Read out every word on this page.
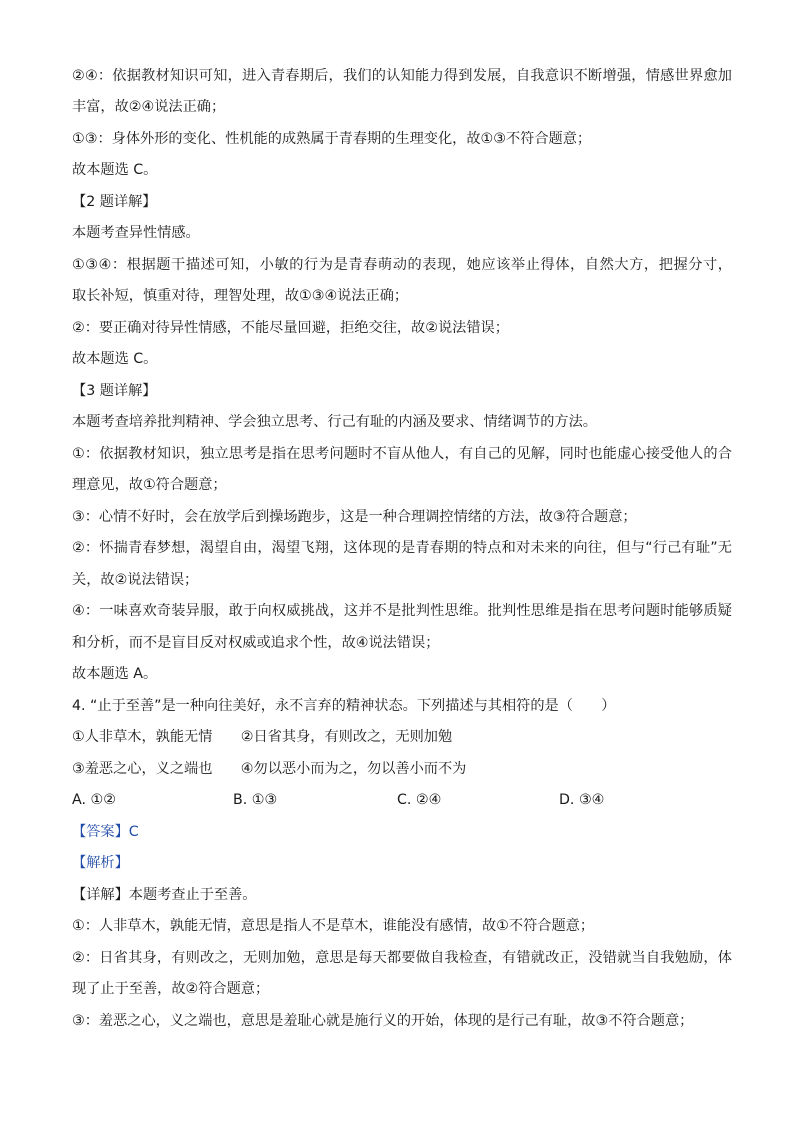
②④：依据教材知识可知，进入青春期后，我们的认知能力得到发展，自我意识不断增强，情感世界愈加
丰富，故②④说法正确；
①③：身体外形的变化、性机能的成熟属于青春期的生理变化，故①③不符合题意；
故本题选 C。
【2 题详解】
本题考查异性情感。
①③④：根据题干描述可知，小敏的行为是青春萌动的表现，她应该举止得体，自然大方，把握分寸，
取长补短，慎重对待，理智处理，故①③④说法正确；
②：要正确对待异性情感，不能尽量回避，拒绝交往，故②说法错误；
故本题选 C。
【3 题详解】
本题考查培养批判精神、学会独立思考、行己有耻的内涵及要求、情绪调节的方法。
①：依据教材知识，独立思考是指在思考问题时不盲从他人，有自己的见解，同时也能虚心接受他人的合
理意见，故①符合题意；
③：心情不好时，会在放学后到操场跑步，这是一种合理调控情绪的方法，故③符合题意；
②：怀揣青春梦想，渴望自由，渴望飞翔，这体现的是青春期的特点和对未来的向往，但与“行己有耻”无
关，故②说法错误；
④：一味喜欢奇装异服，敢于向权威挑战，这并不是批判性思维。批判性思维是指在思考问题时能够质疑
和分析，而不是盲目反对权威或追求个性，故④说法错误；
故本题选 A。
4. “止于至善”是一种向往美好，永不言弃的精神状态。下列描述与其相符的是（　　）
①人非草木，孰能无情　　②日省其身，有则改之，无则加勉
③羞恶之心，义之端也　　④勿以恶小而为之，勿以善小而不为
A. ①②	B. ①③	C. ②④	D. ③④
【答案】C
【解析】
【详解】本题考查止于至善。
①：人非草木，孰能无情，意思是指人不是草木，谁能没有感情，故①不符合题意；
②：日省其身，有则改之，无则加勉，意思是每天都要做自我检查，有错就改正，没错就当自我勉励，体
现了止于至善，故②符合题意；
③：羞恶之心，义之端也，意思是羞耻心就是施行义的开始，体现的是行己有耻，故③不符合题意；
